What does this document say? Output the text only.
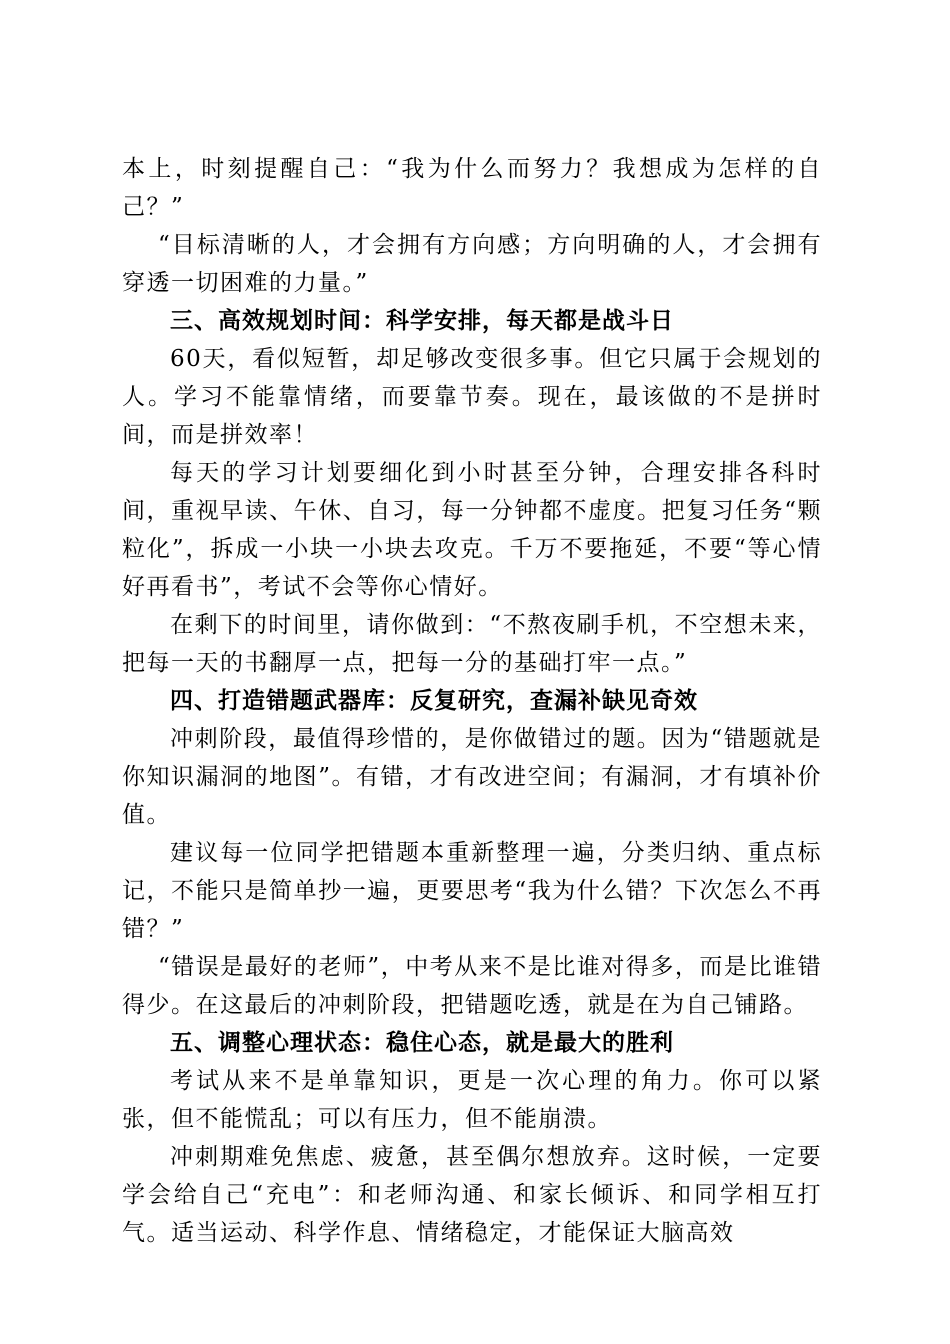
本上，时刻提醒自己：“我为什么而努力？我想成为怎样的自己？”

“目标清晰的人，才会拥有方向感；方向明确的人，才会拥有穿透一切困难的力量。”

三、高效规划时间：科学安排，每天都是战斗日

60天，看似短暂，却足够改变很多事。但它只属于会规划的人。学习不能靠情绪，而要靠节奏。现在，最该做的不是拼时间，而是拼效率！

每天的学习计划要细化到小时甚至分钟，合理安排各科时间，重视早读、午休、自习，每一分钟都不虚度。把复习任务“颗粒化”，拆成一小块一小块去攻克。千万不要拖延，不要“等心情好再看书”，考试不会等你心情好。

在剩下的时间里，请你做到：“不熬夜刷手机，不空想未来，把每一天的书翻厚一点，把每一分的基础打牢一点。”

四、打造错题武器库：反复研究，查漏补缺见奇效

冲刺阶段，最值得珍惜的，是你做错过的题。因为“错题就是你知识漏洞的地图”。有错，才有改进空间；有漏洞，才有填补价值。

建议每一位同学把错题本重新整理一遍，分类归纳、重点标记，不能只是简单抄一遍，更要思考“我为什么错？下次怎么不再错？”

“错误是最好的老师”，中考从来不是比谁对得多，而是比谁错得少。在这最后的冲刺阶段，把错题吃透，就是在为自己铺路。

五、调整心理状态：稳住心态，就是最大的胜利

考试从来不是单靠知识，更是一次心理的角力。你可以紧张，但不能慌乱；可以有压力，但不能崩溃。

冲刺期难免焦虑、疲惫，甚至偶尔想放弃。这时候，一定要学会给自己“充电”：和老师沟通、和家长倾诉、和同学相互打气。适当运动、科学作息、情绪稳定，才能保证大脑高效
